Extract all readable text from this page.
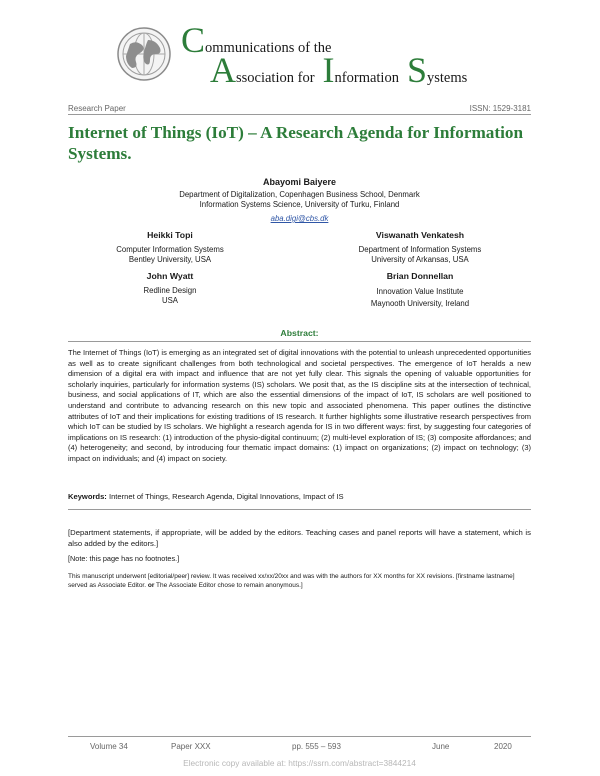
Communications of the
Association for Information Systems
Research Paper	ISSN: 1529-3181
Internet of Things (IoT) – A Research Agenda for Information Systems.
Abayomi Baiyere
Department of Digitalization, Copenhagen Business School, Denmark
Information Systems Science, University of Turku, Finland
aba.digi@cbs.dk
Heikki Topi
Computer Information Systems
Bentley University, USA
Viswanath Venkatesh
Department of Information Systems
University of Arkansas, USA
John Wyatt
Redline Design
USA
Brian Donnellan
Innovation Value Institute
Maynooth University, Ireland
Abstract:
The Internet of Things (IoT) is emerging as an integrated set of digital innovations with the potential to unleash unprecedented opportunities as well as to create significant challenges from both technological and societal perspectives. The emergence of IoT heralds a new dimension of a digital era with impact and influence that are not yet fully clear. This signals the opening of valuable opportunities for scholarly inquiries, particularly for information systems (IS) scholars. We posit that, as the IS discipline sits at the intersection of technical, business, and social applications of IT, which are also the essential dimensions of the impact of IoT, IS scholars are well positioned to understand and contribute to advancing research on this new topic and associated phenomena. This paper outlines the distinctive attributes of IoT and their implications for existing traditions of IS research. It further highlights some illustrative research perspectives from which IoT can be studied by IS scholars. We highlight a research agenda for IS in two different ways: first, by suggesting four categories of implications on IS research: (1) introduction of the physio-digital continuum; (2) multi-level exploration of IS; (3) composite affordances; and (4) heterogeneity; and second, by introducing four thematic impact domains: (1) impact on organizations; (2) impact on technology; (3) impact on individuals; and (4) impact on society.
Keywords: Internet of Things, Research Agenda, Digital Innovations, Impact of IS
[Department statements, if appropriate, will be added by the editors. Teaching cases and panel reports will have a statement, which is also added by the editors.]
[Note: this page has no footnotes.]
This manuscript underwent [editorial/peer] review. It was received xx/xx/20xx and was with the authors for XX months for XX revisions. [firstname lastname] served as Associate Editor. or The Associate Editor chose to remain anonymous.]
Volume 34	Paper XXX	pp. 555 – 593	June	2020
Electronic copy available at: https://ssrn.com/abstract=3844214
